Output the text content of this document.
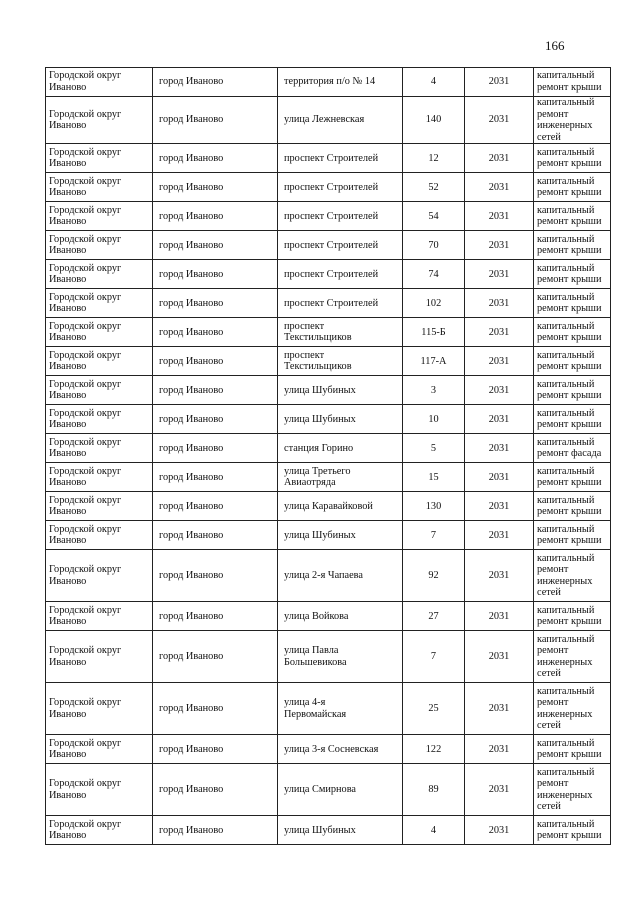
166
Городской округ
Иваново	город Иваново	территория п/о № 14	4	2031	капитальный
ремонт крыши

Городской округ
Иваново	город Иваново	улица Лежневская	140	2031	капитальный
ремонт
инженерных
сетей

Городской округ
Иваново	город Иваново	проспект Строителей	12	2031	капитальный
ремонт крыши

Городской округ
Иваново	город Иваново	проспект Строителей	52	2031	капитальный
ремонт крыши

Городской округ
Иваново	город Иваново	проспект Строителей	54	2031	капитальный
ремонт крыши

Городской округ
Иваново	город Иваново	проспект Строителей	70	2031	капитальный
ремонт крыши

Городской округ
Иваново	город Иваново	проспект Строителей	74	2031	капитальный
ремонт крыши

Городской округ
Иваново	город Иваново	проспект Строителей	102	2031	капитальный
ремонт крыши

Городской округ
Иваново	город Иваново	проспект
Текстильщиков	115-Б	2031	капитальный
ремонт крыши

Городской округ
Иваново	город Иваново	проспект
Текстильщиков	117-А	2031	капитальный
ремонт крыши

Городской округ
Иваново	город Иваново	улица Шубиных	3	2031	капитальный
ремонт крыши

Городской округ
Иваново	город Иваново	улица Шубиных	10	2031	капитальный
ремонт крыши

Городской округ
Иваново	город Иваново	станция Горино	5	2031	капитальный
ремонт фасада

Городской округ
Иваново	город Иваново	улица Третьего
Авиаотряда	15	2031	капитальный
ремонт крыши

Городской округ
Иваново	город Иваново	улица Каравайковой	130	2031	капитальный
ремонт крыши

Городской округ
Иваново	город Иваново	улица Шубиных	7	2031	капитальный
ремонт крыши

Городской округ
Иваново	город Иваново	улица 2-я Чапаева	92	2031	капитальный
ремонт
инженерных
сетей

Городской округ
Иваново	город Иваново	улица Войкова	27	2031	капитальный
ремонт крыши

Городской округ
Иваново	город Иваново	улица Павла
Большевикова	7	2031	капитальный
ремонт
инженерных
сетей

Городской округ
Иваново	город Иваново	улица 4-я
Первомайская	25	2031	капитальный
ремонт
инженерных
сетей

Городской округ
Иваново	город Иваново	улица 3-я Сосневская	122	2031	капитальный
ремонт крыши

Городской округ
Иваново	город Иваново	улица Смирнова	89	2031	капитальный
ремонт
инженерных
сетей

Городской округ
Иваново	город Иваново	улица Шубиных	4	2031	капитальный
ремонт крыши
